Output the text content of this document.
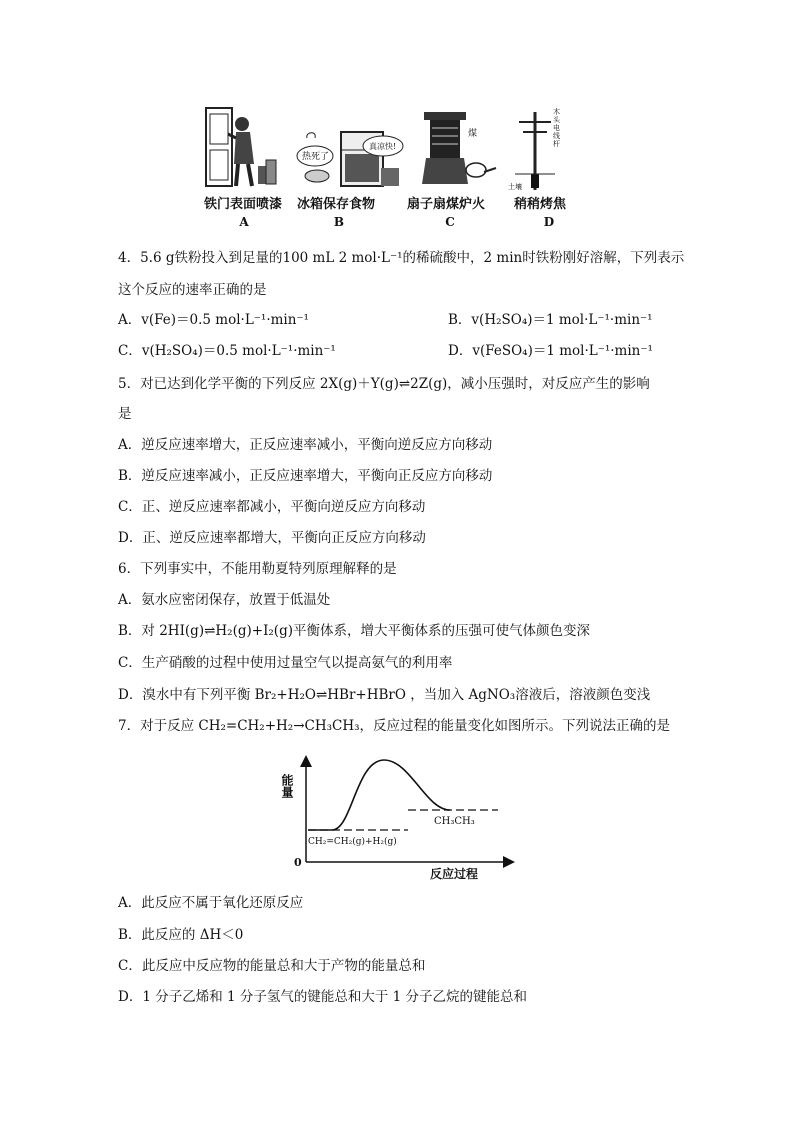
热死了
真凉快!
煤
木头电线杆
土壤
铁门表面喷漆 冰箱保存食物 扇子扇煤炉火 稍稍烤焦
A	B	C	D
4．5.6 g铁粉投入到足量的100 mL 2 mol·L⁻¹的稀硫酸中，2 min时铁粉刚好溶解，下列表示
这个反应的速率正确的是
A．v(Fe)＝0.5 mol·L⁻¹·min⁻¹	B．v(H₂SO₄)＝1 mol·L⁻¹·min⁻¹
C．v(H₂SO₄)＝0.5 mol·L⁻¹·min⁻¹	D．v(FeSO₄)＝1 mol·L⁻¹·min⁻¹
5．对已达到化学平衡的下列反应 2X(g)＋Y(g)⇌2Z(g)，减小压强时，对反应产生的影响
是
A．逆反应速率增大，正反应速率减小，平衡向逆反应方向移动
B．逆反应速率减小，正反应速率增大，平衡向正反应方向移动
C．正、逆反应速率都减小，平衡向逆反应方向移动
D．正、逆反应速率都增大，平衡向正反应方向移动
6．下列事实中，不能用勒夏特列原理解释的是
A．氨水应密闭保存，放置于低温处
B．对 2HI(g)⇌H₂(g)+I₂(g)平衡体系，增大平衡体系的压强可使气体颜色变深
C．生产硝酸的过程中使用过量空气以提高氨气的利用率
D．溴水中有下列平衡 Br₂+H₂O⇌HBr+HBrO ，当加入 AgNO₃溶液后，溶液颜色变浅
7．对于反应 CH₂=CH₂+H₂→CH₃CH₃，反应过程的能量变化如图所示。下列说法正确的是
能量
0
CH₂=CH₂(g)+H₂(g)
CH₃CH₃
反应过程
A．此反应不属于氧化还原反应
B．此反应的 ΔH＜0
C．此反应中反应物的能量总和大于产物的能量总和
D．1 分子乙烯和 1 分子氢气的键能总和大于 1 分子乙烷的键能总和
